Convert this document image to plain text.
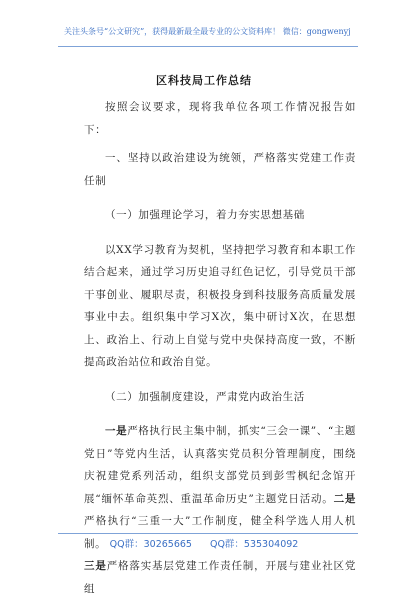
关注头条号“公文研究”，获得最新最全最专业的公文资料库！ 微信：gongwenyj
区科技局工作总结

按照会议要求，现将我单位各项工作情况报告如下：

一、坚持以政治建设为统领，严格落实党建工作责任制

（一）加强理论学习，着力夯实思想基础

以XX学习教育为契机，坚持把学习教育和本职工作结合起来，通过学习历史追寻红色记忆，引导党员干部干事创业、履职尽责，积极投身到科技服务高质量发展事业中去。组织集中学习X次，集中研讨X次，在思想上、政治上、行动上自觉与党中央保持高度一致，不断提高政治站位和政治自觉。

（二）加强制度建设，严肃党内政治生活

一是严格执行民主集中制，抓实“三会一课”、“主题党日”等党内生活，认真落实党员积分管理制度，围绕庆祝建党系列活动，组织支部党员到彭雪枫纪念馆开展“缅怀革命英烈、重温革命历史”主题党日活动。二是严格执行“三重一大”工作制度，健全科学选人用人机制。

三是严格落实基层党建工作责任制，开展与建业社区党组

QQ群：30265665 QQ群：535304092
